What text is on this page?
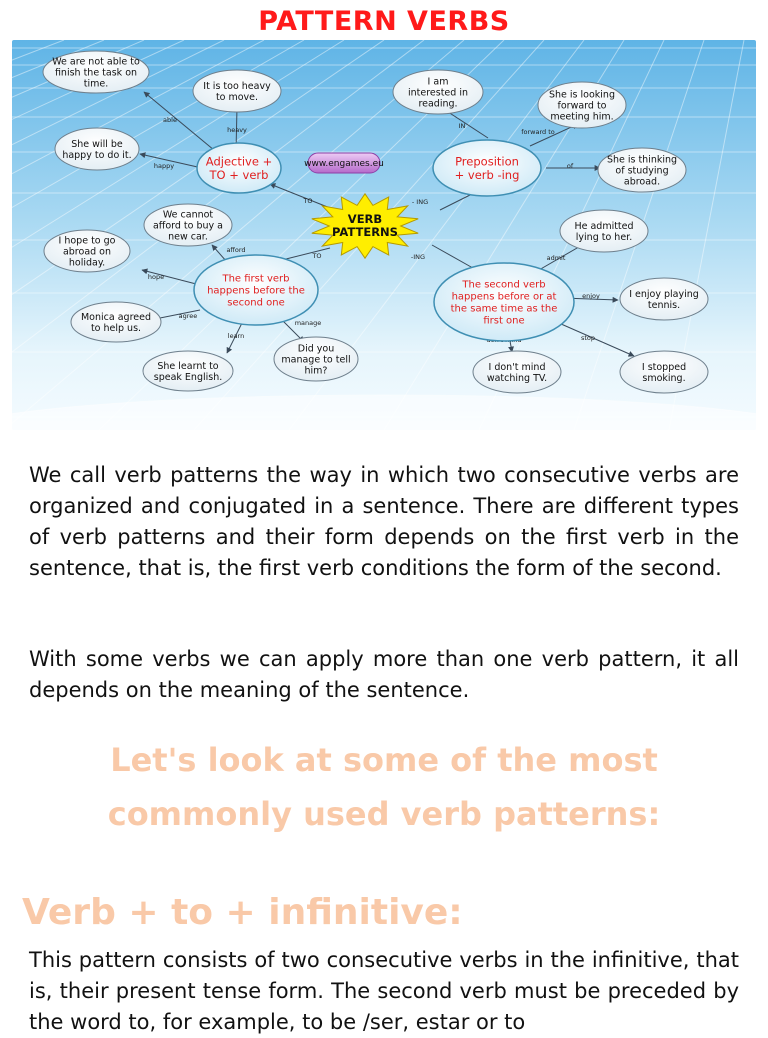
PATTERN VERBS
TO	- ING
TO	-ING
able
heavy
happy
IN
forward to
of
afford
hope
agree
learn
manage
admit
enjoy
stop
Adjective +
TO + verb
Preposition
+ verb -ing
The first verb
happens before the
second one
The second verb
happens before or at
the same time as the
first one
We are not able to
finish the task on
time.	It is too heavy
to move.
She will be
happy to do it.
I am
interested in
reading.
She is looking
forward to
meeting him.
She is thinking
of studying
abroad.
We cannot
afford to buy a
new car.
I hope to go
abroad on
holiday.
Monica agreed
to help us.
She learnt to
speak English.
Did you
manage to tell
him?
He admitted
lying to her.
I enjoy playing
tennis.
I stopped
smoking.
I don't mind
watching TV.
www.engames.eu
VERB
PATTERNS

We call verb patterns the way in which two consecutive verbs are organized and conjugated in a sentence. There are different types of verb patterns and their form depends on the first verb in the sentence, that is, the first verb conditions the form of the second.

With some verbs we can apply more than one verb pattern, it all depends on the meaning of the sentence.

Let's look at some of the most commonly used verb patterns:
Verb + to + infinitive:

This pattern consists of two consecutive verbs in the infinitive, that is, their present tense form. The second verb must be preceded by the word to, for example, to be /ser, estar or to
